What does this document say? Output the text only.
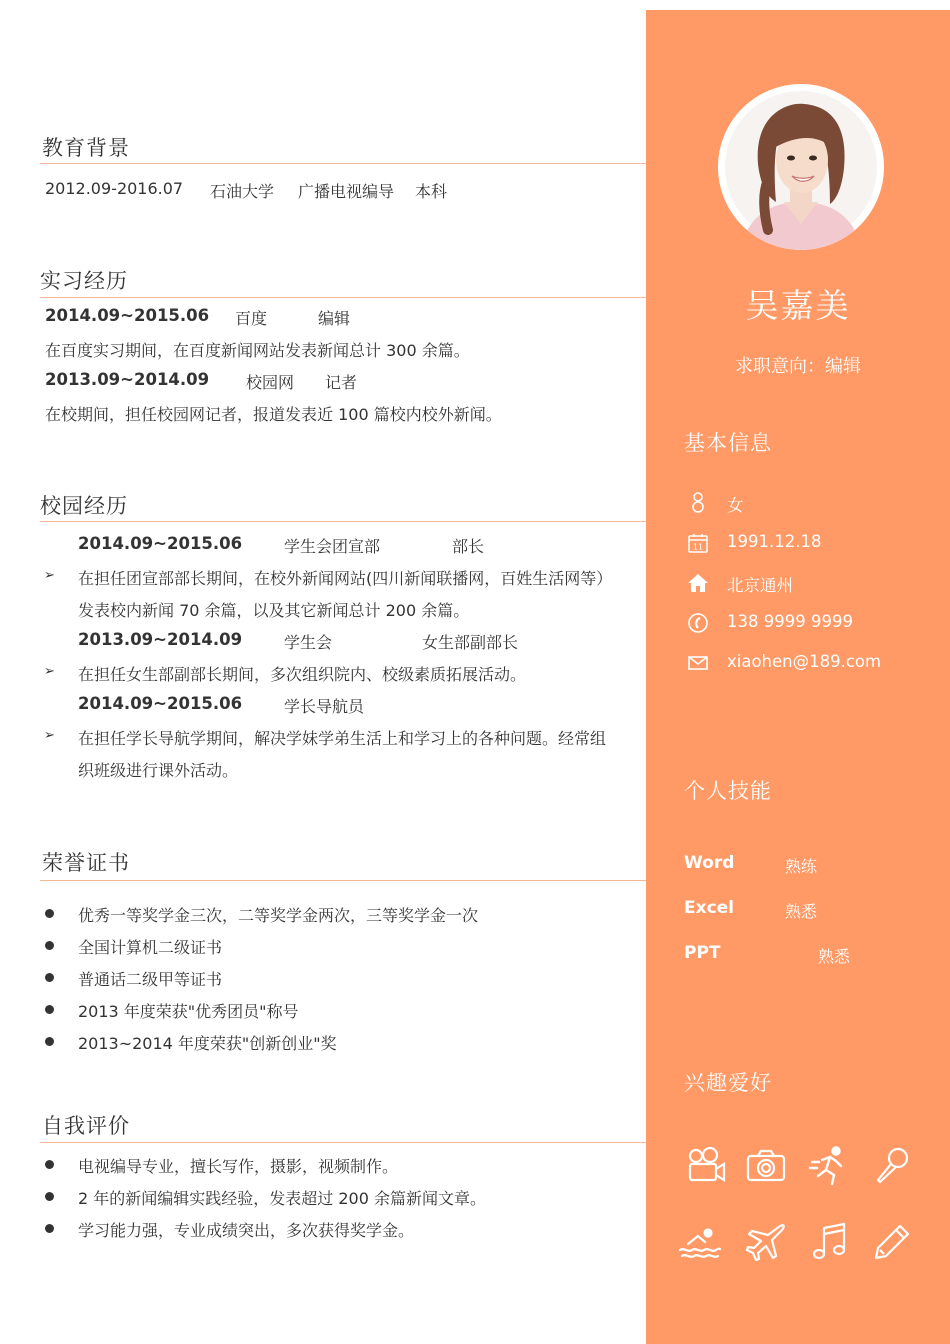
教育背景
2012.09-2016.07 石油大学 广播电视编导 本科
实习经历
2014.09~2015.06 百度	编辑
在百度实习期间，在百度新闻网站发表新闻总计 300 余篇。
2013.09~2014.09 校园网 记者
在校期间，担任校园网记者，报道发表近 100 篇校内校外新闻。
校园经历
2014.09~2015.06	学生会团宣部	部长
➢ 在担任团宣部部长期间，在校外新闻网站(四川新闻联播网，百姓生活网等）
发表校内新闻 70 余篇，以及其它新闻总计 200 余篇。
2013.09~2014.09	学生会	女生部副部长
➢ 在担任女生部副部长期间，多次组织院内、校级素质拓展活动。
2014.09~2015.06	学长导航员
➢ 在担任学长导航学期间，解决学妹学弟生活上和学习上的各种问题。经常组
织班级进行课外活动。
荣誉证书
优秀一等奖学金三次，二等奖学金两次，三等奖学金一次
全国计算机二级证书
普通话二级甲等证书
2013 年度荣获"优秀团员"称号
2013~2014 年度荣获"创新创业"奖
自我评价
电视编导专业，擅长写作，摄影，视频制作。
2 年的新闻编辑实践经验，发表超过 200 余篇新闻文章。
学习能力强，专业成绩突出，多次获得奖学金。
吴嘉美
求职意向：编辑
基本信息
女
11 1991.12.18
北京通州
138 9999 9999
xiaohen@189.com
个人技能
Word	熟练
Excel	熟悉
PPT	熟悉
兴趣爱好
